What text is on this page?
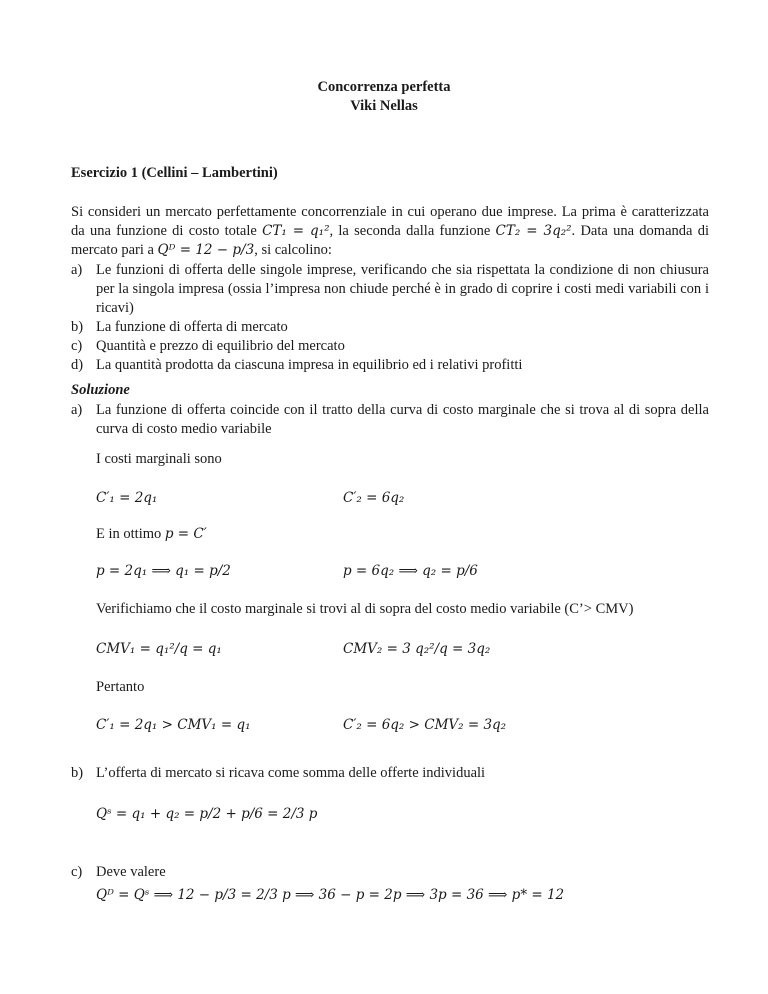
Concorrenza perfetta
Viki Nellas
Esercizio 1 (Cellini – Lambertini)
Si consideri un mercato perfettamente concorrenziale in cui operano due imprese. La prima è caratterizzata da una funzione di costo totale CT₁ = q₁², la seconda dalla funzione CT₂ = 3q₂². Data una domanda di mercato pari a Qᴰ = 12 − p/3, si calcolino:
a) Le funzioni di offerta delle singole imprese, verificando che sia rispettata la condizione di non chiusura per la singola impresa (ossia l’impresa non chiude perché è in grado di coprire i costi medi variabili con i ricavi)
b) La funzione di offerta di mercato
c) Quantità e prezzo di equilibrio del mercato
d) La quantità prodotta da ciascuna impresa in equilibrio ed i relativi profitti
Soluzione
a) La funzione di offerta coincide con il tratto della curva di costo marginale che si trova al di sopra della curva di costo medio variabile
I costi marginali sono
C′₁ = 2q₁	C′₂ = 6q₂
E in ottimo p = C′
p = 2q₁ ⟹ q₁ = p/2	p = 6q₂ ⟹ q₂ = p/6
Verifichiamo che il costo marginale si trovi al di sopra del costo medio variabile (C’> CMV)
CMV₁ = q₁²/q = q₁	CMV₂ = 3 q₂²/q = 3q₂
Pertanto
C′₁ = 2q₁ > CMV₁ = q₁	C′₂ = 6q₂ > CMV₂ = 3q₂
b) L’offerta di mercato si ricava come somma delle offerte individuali
Qˢ = q₁ + q₂ = p/2 + p/6 = 2/3 p
c) Deve valere
Qᴰ = Qˢ ⟹ 12 − p/3 = 2/3 p ⟹ 36 − p = 2p ⟹ 3p = 36 ⟹ p* = 12
